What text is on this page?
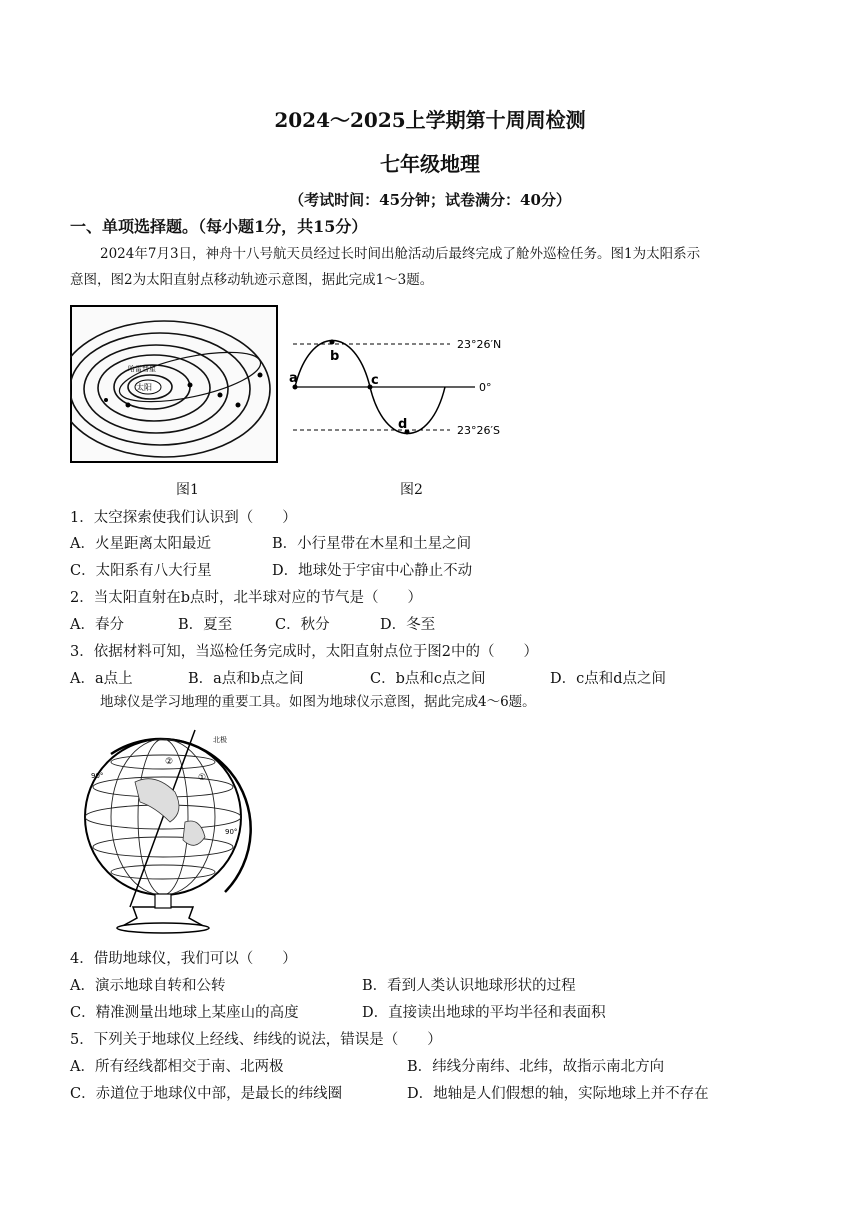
2024～2025上学期第十周周检测
七年级地理
（考试时间：45分钟；试卷满分：40分）
一、单项选择题。（每小题1分，共15分）
2024年7月3日，神舟十八号航天员经过长时间出舱活动后最终完成了舱外巡检任务。图1为太阳系示
意图，图2为太阳直射点移动轨迹示意图，据此完成1～3题。
太阳
哈雷彗星
图1
a
b
c
d
23°26′N
0°
23°26′S
图2
1．太空探索使我们认识到（　　）
A．火星距离太阳最近	B．小行星带在木星和土星之间
C．太阳系有八大行星	D．地球处于宇宙中心静止不动
2．当太阳直射在b点时，北半球对应的节气是（　　）
A．春分	B．夏至	C．秋分	D．冬至
3．依据材料可知，当巡检任务完成时，太阳直射点位于图2中的（　　）
A．a点上	B．a点和b点之间	C．b点和c点之间	D．c点和d点之间
地球仪是学习地理的重要工具。如图为地球仪示意图，据此完成4～6题。
90°
90°
①
②
北极
4．借助地球仪，我们可以（　　）
A．演示地球自转和公转	B．看到人类认识地球形状的过程
C．精准测量出地球上某座山的高度	D．直接读出地球的平均半径和表面积
5．下列关于地球仪上经线、纬线的说法，错误是（　　）
A．所有经线都相交于南、北两极	B．纬线分南纬、北纬，故指示南北方向
C．赤道位于地球仪中部，是最长的纬线圈	D．地轴是人们假想的轴，实际地球上并不存在
